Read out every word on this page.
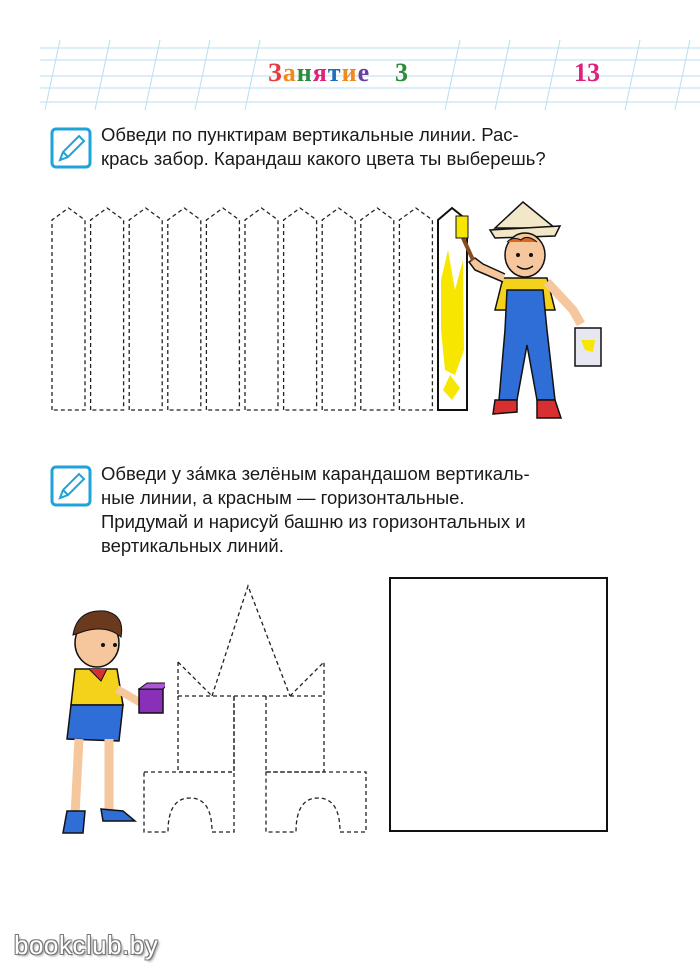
Занятие 3	13

Обведи по пунктирам вертикальные линии. Рас-

крась забор. Карандаш какого цвета ты выберешь?

Обведи у за́мка зелёным карандашом вертикаль-

ные линии, а красным — горизонтальные.

Придумай и нарисуй башню из горизонтальных и

вертикальных линий.

bookclub.by
